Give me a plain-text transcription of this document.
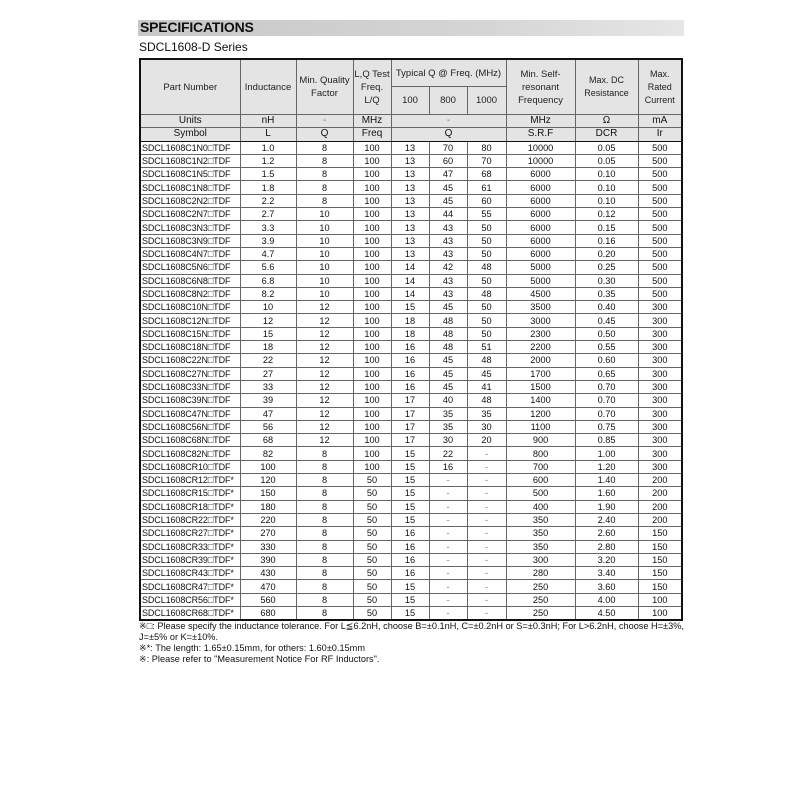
SPECIFICATIONS
SDCL1608-D Series
Part Number	Inductance	Min. Quality Factor	L,Q Test Freq. L/Q	Typical Q @ Freq. (MHz)			Min. Self-resonant Frequency	Max. DC Resistance	Max. Rated Current
				100	800	1000			
Units	nH	-	MHz	-			MHz	Ω	mA
Symbol	L	Q	Freq	Q			S.R.F	DCR	Ir
SDCL1608C1N0□TDF	1.0	8	100	13	70	80	10000	0.05	500
SDCL1608C1N2□TDF	1.2	8	100	13	60	70	10000	0.05	500
SDCL1608C1N5□TDF	1.5	8	100	13	47	68	6000	0.10	500
SDCL1608C1N8□TDF	1.8	8	100	13	45	61	6000	0.10	500
SDCL1608C2N2□TDF	2.2	8	100	13	45	60	6000	0.10	500
SDCL1608C2N7□TDF	2.7	10	100	13	44	55	6000	0.12	500
SDCL1608C3N3□TDF	3.3	10	100	13	43	50	6000	0.15	500
SDCL1608C3N9□TDF	3.9	10	100	13	43	50	6000	0.16	500
SDCL1608C4N7□TDF	4.7	10	100	13	43	50	6000	0.20	500
SDCL1608C5N6□TDF	5.6	10	100	14	42	48	5000	0.25	500
SDCL1608C6N8□TDF	6.8	10	100	14	43	50	5000	0.30	500
SDCL1608C8N2□TDF	8.2	10	100	14	43	48	4500	0.35	500
SDCL1608C10N□TDF	10	12	100	15	45	50	3500	0.40	300
SDCL1608C12N□TDF	12	12	100	18	48	50	3000	0.45	300
SDCL1608C15N□TDF	15	12	100	18	48	50	2300	0.50	300
SDCL1608C18N□TDF	18	12	100	16	48	51	2200	0.55	300
SDCL1608C22N□TDF	22	12	100	16	45	48	2000	0.60	300
SDCL1608C27N□TDF	27	12	100	16	45	45	1700	0.65	300
SDCL1608C33N□TDF	33	12	100	16	45	41	1500	0.70	300
SDCL1608C39N□TDF	39	12	100	17	40	48	1400	0.70	300
SDCL1608C47N□TDF	47	12	100	17	35	35	1200	0.70	300
SDCL1608C56N□TDF	56	12	100	17	35	30	1100	0.75	300
SDCL1608C68N□TDF	68	12	100	17	30	20	900	0.85	300
SDCL1608C82N□TDF	82	8	100	15	22	-	800	1.00	300
SDCL1608CR10□TDF	100	8	100	15	16	-	700	1.20	300
SDCL1608CR12□TDF*	120	8	50	15	-	-	600	1.40	200
SDCL1608CR15□TDF*	150	8	50	15	-	-	500	1.60	200
SDCL1608CR18□TDF*	180	8	50	15	-	-	400	1.90	200
SDCL1608CR22□TDF*	220	8	50	15	-	-	350	2.40	200
SDCL1608CR27□TDF*	270	8	50	16	-	-	350	2.60	150
SDCL1608CR33□TDF*	330	8	50	16	-	-	350	2.80	150
SDCL1608CR39□TDF*	390	8	50	16	-	-	300	3.20	150
SDCL1608CR43□TDF*	430	8	50	16	-	-	280	3.40	150
SDCL1608CR47□TDF*	470	8	50	15	-	-	250	3.60	150
SDCL1608CR56□TDF*	560	8	50	15	-	-	250	4.00	100
SDCL1608CR68□TDF*	680	8	50	15	-	-	250	4.50	100

※□: Please specify the inductance tolerance. For L≦6.2nH, choose B=±0.1nH, C=±0.2nH or S=±0.3nH; For L>6.2nH, choose H=±3%, J=±5% or K=±10%.

※*: The length: 1.65±0.15mm, for others: 1.60±0.15mm

※: Please refer to "Measurement Notice For RF Inductors".
